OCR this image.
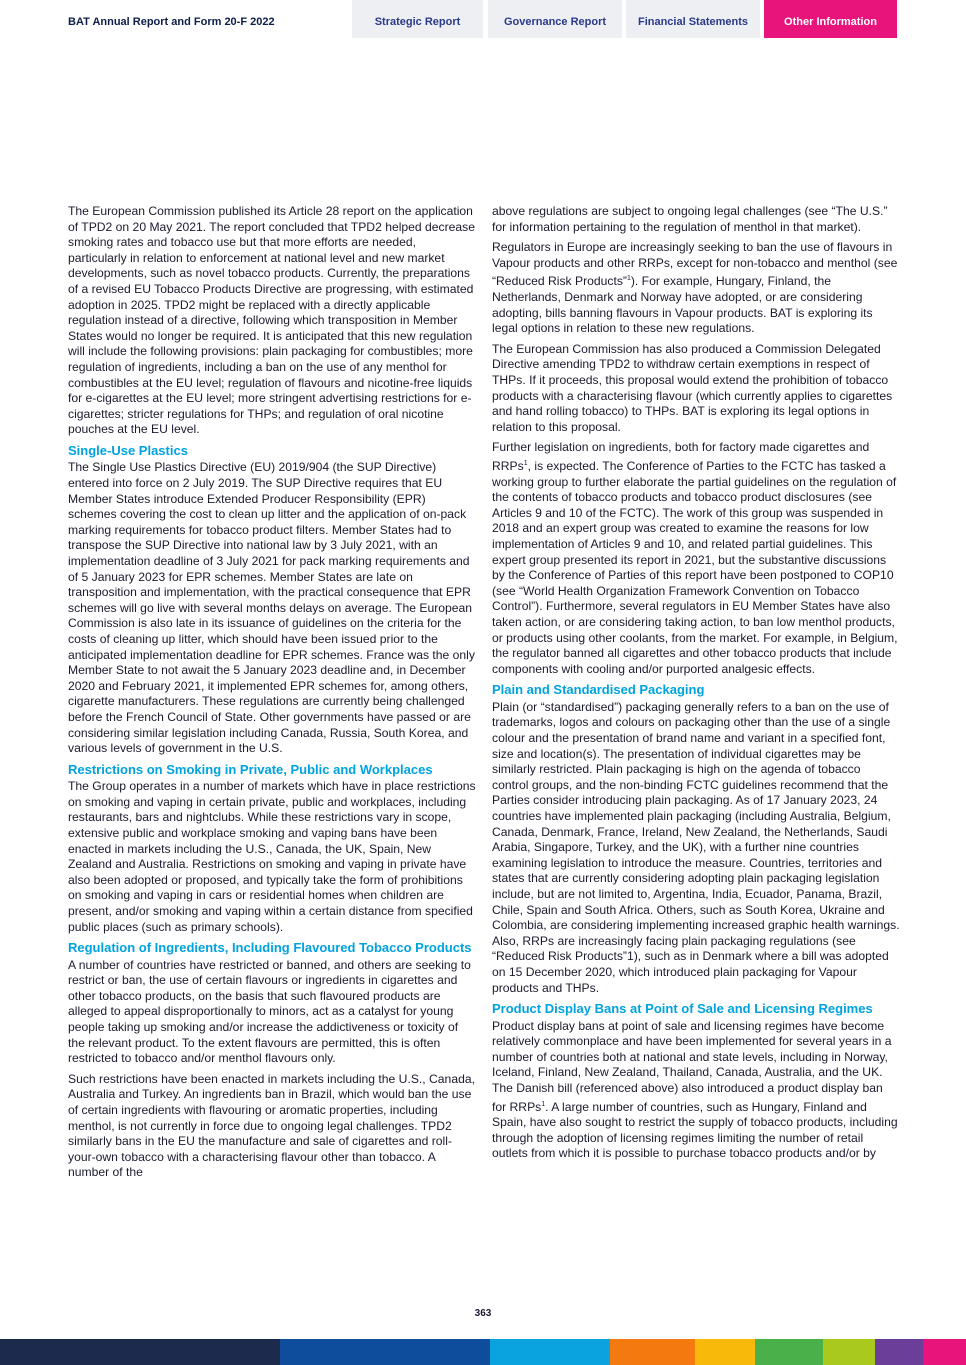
BAT Annual Report and Form 20-F 2022	Strategic Report	Governance Report	Financial Statements	Other Information

The European Commission published its Article 28 report on the application of TPD2 on 20 May 2021. The report concluded that TPD2 helped decrease smoking rates and tobacco use but that more efforts are needed, particularly in relation to enforcement at national level and new market developments, such as novel tobacco products. Currently, the preparations of a revised EU Tobacco Products Directive are progressing, with estimated adoption in 2025. TPD2 might be replaced with a directly applicable regulation instead of a directive, following which transposition in Member States would no longer be required. It is anticipated that this new regulation will include the following provisions: plain packaging for combustibles; more regulation of ingredients, including a ban on the use of any menthol for combustibles at the EU level; regulation of flavours and nicotine-free liquids for e-cigarettes at the EU level; more stringent advertising restrictions for e-cigarettes; stricter regulations for THPs; and regulation of oral nicotine pouches at the EU level.

Single-Use Plastics

The Single Use Plastics Directive (EU) 2019/904 (the SUP Directive) entered into force on 2 July 2019. The SUP Directive requires that EU Member States introduce Extended Producer Responsibility (EPR) schemes covering the cost to clean up litter and the application of on-pack marking requirements for tobacco product filters. Member States had to transpose the SUP Directive into national law by 3 July 2021, with an implementation deadline of 3 July 2021 for pack marking requirements and of 5 January 2023 for EPR schemes. Member States are late on transposition and implementation, with the practical consequence that EPR schemes will go live with several months delays on average. The European Commission is also late in its issuance of guidelines on the criteria for the costs of cleaning up litter, which should have been issued prior to the anticipated implementation deadline for EPR schemes. France was the only Member State to not await the 5 January 2023 deadline and, in December 2020 and February 2021, it implemented EPR schemes for, among others, cigarette manufacturers. These regulations are currently being challenged before the French Council of State. Other governments have passed or are considering similar legislation including Canada, Russia, South Korea, and various levels of government in the U.S.

Restrictions on Smoking in Private, Public and Workplaces

The Group operates in a number of markets which have in place restrictions on smoking and vaping in certain private, public and workplaces, including restaurants, bars and nightclubs. While these restrictions vary in scope, extensive public and workplace smoking and vaping bans have been enacted in markets including the U.S., Canada, the UK, Spain, New Zealand and Australia. Restrictions on smoking and vaping in private have also been adopted or proposed, and typically take the form of prohibitions on smoking and vaping in cars or residential homes when children are present, and/or smoking and vaping within a certain distance from specified public places (such as primary schools).

Regulation of Ingredients, Including Flavoured Tobacco Products

A number of countries have restricted or banned, and others are seeking to restrict or ban, the use of certain flavours or ingredients in cigarettes and other tobacco products, on the basis that such flavoured products are alleged to appeal disproportionally to minors, act as a catalyst for young people taking up smoking and/or increase the addictiveness or toxicity of the relevant product. To the extent flavours are permitted, this is often restricted to tobacco and/or menthol flavours only.

Such restrictions have been enacted in markets including the U.S., Canada, Australia and Turkey. An ingredients ban in Brazil, which would ban the use of certain ingredients with flavouring or aromatic properties, including menthol, is not currently in force due to ongoing legal challenges. TPD2 similarly bans in the EU the manufacture and sale of cigarettes and roll-your-own tobacco with a characterising flavour other than tobacco. A number of the

above regulations are subject to ongoing legal challenges (see “The U.S.” for information pertaining to the regulation of menthol in that market).

Regulators in Europe are increasingly seeking to ban the use of flavours in Vapour products and other RRPs, except for non-tobacco and menthol (see “Reduced Risk Products”$^1$). For example, Hungary, Finland, the Netherlands, Denmark and Norway have adopted, or are considering adopting, bills banning flavours in Vapour products. BAT is exploring its legal options in relation to these new regulations.

The European Commission has also produced a Commission Delegated Directive amending TPD2 to withdraw certain exemptions in respect of THPs. If it proceeds, this proposal would extend the prohibition of tobacco products with a characterising flavour (which currently applies to cigarettes and hand rolling tobacco) to THPs. BAT is exploring its legal options in relation to this proposal.

Further legislation on ingredients, both for factory made cigarettes and RRPs$^1$, is expected. The Conference of Parties to the FCTC has tasked a working group to further elaborate the partial guidelines on the regulation of the contents of tobacco products and tobacco product disclosures (see Articles 9 and 10 of the FCTC). The work of this group was suspended in 2018 and an expert group was created to examine the reasons for low implementation of Articles 9 and 10, and related partial guidelines. This expert group presented its report in 2021, but the substantive discussions by the Conference of Parties of this report have been postponed to COP10 (see “World Health Organization Framework Convention on Tobacco Control”). Furthermore, several regulators in EU Member States have also taken action, or are considering taking action, to ban low menthol products, or products using other coolants, from the market. For example, in Belgium, the regulator banned all cigarettes and other tobacco products that include components with cooling and/or purported analgesic effects.

Plain and Standardised Packaging

Plain (or “standardised”) packaging generally refers to a ban on the use of trademarks, logos and colours on packaging other than the use of a single colour and the presentation of brand name and variant in a specified font, size and location(s). The presentation of individual cigarettes may be similarly restricted. Plain packaging is high on the agenda of tobacco control groups, and the non-binding FCTC guidelines recommend that the Parties consider introducing plain packaging. As of 17 January 2023, 24 countries have implemented plain packaging (including Australia, Belgium, Canada, Denmark, France, Ireland, New Zealand, the Netherlands, Saudi Arabia, Singapore, Turkey, and the UK), with a further nine countries examining legislation to introduce the measure. Countries, territories and states that are currently considering adopting plain packaging legislation include, but are not limited to, Argentina, India, Ecuador, Panama, Brazil, Chile, Spain and South Africa. Others, such as South Korea, Ukraine and Colombia, are considering implementing increased graphic health warnings. Also, RRPs are increasingly facing plain packaging regulations (see “Reduced Risk Products”1), such as in Denmark where a bill was adopted on 15 December 2020, which introduced plain packaging for Vapour products and THPs.

Product Display Bans at Point of Sale and Licensing Regimes

Product display bans at point of sale and licensing regimes have become relatively commonplace and have been implemented for several years in a number of countries both at national and state levels, including in Norway, Iceland, Finland, New Zealand, Thailand, Canada, Australia, and the UK. The Danish bill (referenced above) also introduced a product display ban for RRPs$^1$. A large number of countries, such as Hungary, Finland and Spain, have also sought to restrict the supply of tobacco products, including through the adoption of licensing regimes limiting the number of retail outlets from which it is possible to purchase tobacco products and/or by

363
